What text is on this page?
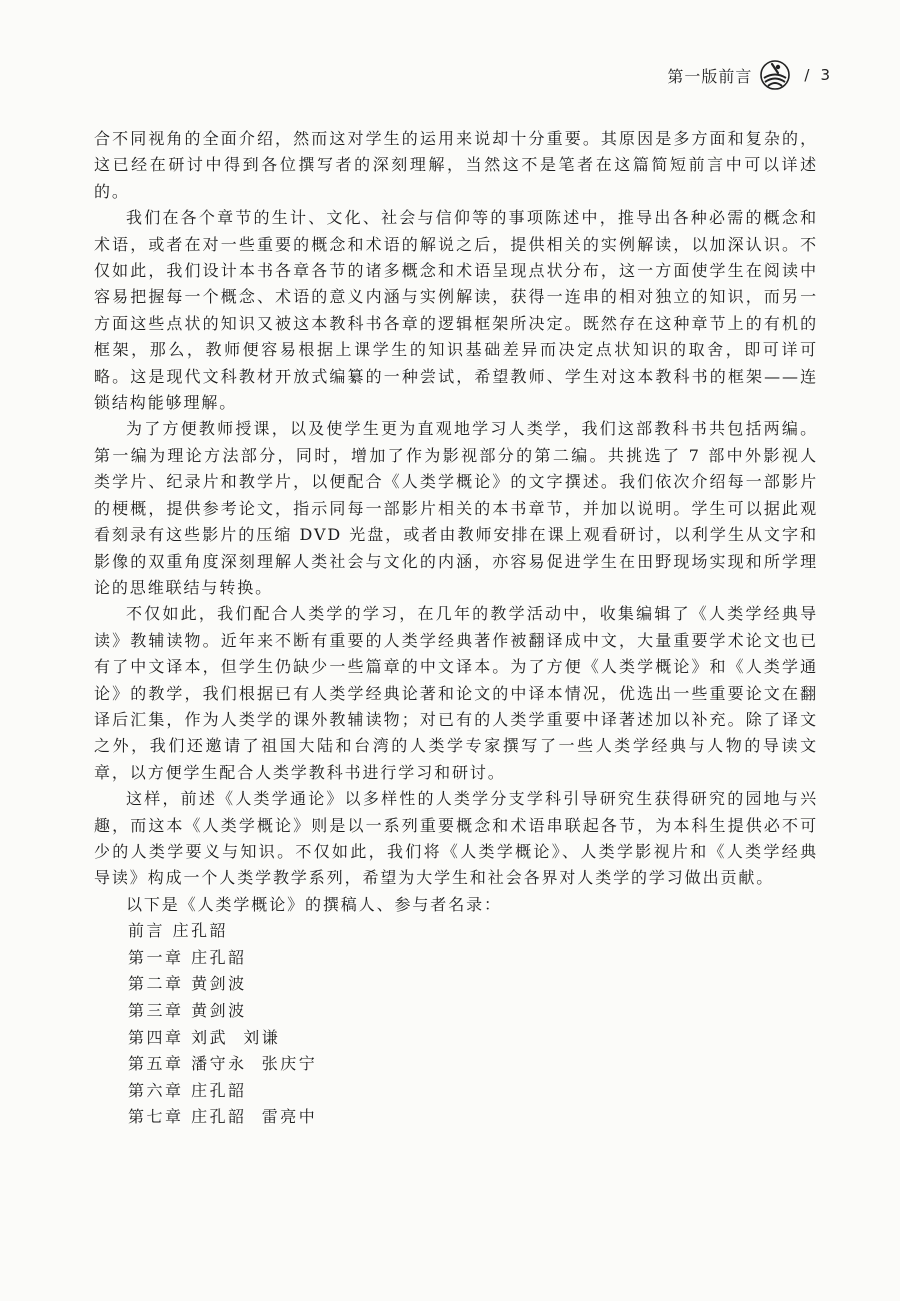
第一版前言	/ 3

合不同视角的全面介绍，然而这对学生的运用来说却十分重要。其原因是多方面和复杂的，这已经在研讨中得到各位撰写者的深刻理解，当然这不是笔者在这篇简短前言中可以详述的。

我们在各个章节的生计、文化、社会与信仰等的事项陈述中，推导出各种必需的概念和术语，或者在对一些重要的概念和术语的解说之后，提供相关的实例解读，以加深认识。不仅如此，我们设计本书各章各节的诸多概念和术语呈现点状分布，这一方面使学生在阅读中容易把握每一个概念、术语的意义内涵与实例解读，获得一连串的相对独立的知识，而另一方面这些点状的知识又被这本教科书各章的逻辑框架所决定。既然存在这种章节上的有机的框架，那么，教师便容易根据上课学生的知识基础差异而决定点状知识的取舍，即可详可略。这是现代文科教材开放式编纂的一种尝试，希望教师、学生对这本教科书的框架——连锁结构能够理解。

为了方便教师授课，以及使学生更为直观地学习人类学，我们这部教科书共包括两编。第一编为理论方法部分，同时，增加了作为影视部分的第二编。共挑选了 7 部中外影视人类学片、纪录片和教学片，以便配合《人类学概论》的文字撰述。我们依次介绍每一部影片的梗概，提供参考论文，指示同每一部影片相关的本书章节，并加以说明。学生可以据此观看刻录有这些影片的压缩 DVD 光盘，或者由教师安排在课上观看研讨，以利学生从文字和影像的双重角度深刻理解人类社会与文化的内涵，亦容易促进学生在田野现场实现和所学理论的思维联结与转换。

不仅如此，我们配合人类学的学习，在几年的教学活动中，收集编辑了《人类学经典导读》教辅读物。近年来不断有重要的人类学经典著作被翻译成中文，大量重要学术论文也已有了中文译本，但学生仍缺少一些篇章的中文译本。为了方便《人类学概论》和《人类学通论》的教学，我们根据已有人类学经典论著和论文的中译本情况，优选出一些重要论文在翻译后汇集，作为人类学的课外教辅读物；对已有的人类学重要中译著述加以补充。除了译文之外，我们还邀请了祖国大陆和台湾的人类学专家撰写了一些人类学经典与人物的导读文章，以方便学生配合人类学教科书进行学习和研讨。

这样，前述《人类学通论》以多样性的人类学分支学科引导研究生获得研究的园地与兴趣，而这本《人类学概论》则是以一系列重要概念和术语串联起各节，为本科生提供必不可少的人类学要义与知识。不仅如此，我们将《人类学概论》、人类学影视片和《人类学经典导读》构成一个人类学教学系列，希望为大学生和社会各界对人类学的学习做出贡献。

以下是《人类学概论》的撰稿人、参与者名录：

前言 庄孔韶
第一章 庄孔韶
第二章 黄剑波
第三章 黄剑波
第四章 刘武  刘谦
第五章 潘守永  张庆宁
第六章 庄孔韶
第七章 庄孔韶  雷亮中
